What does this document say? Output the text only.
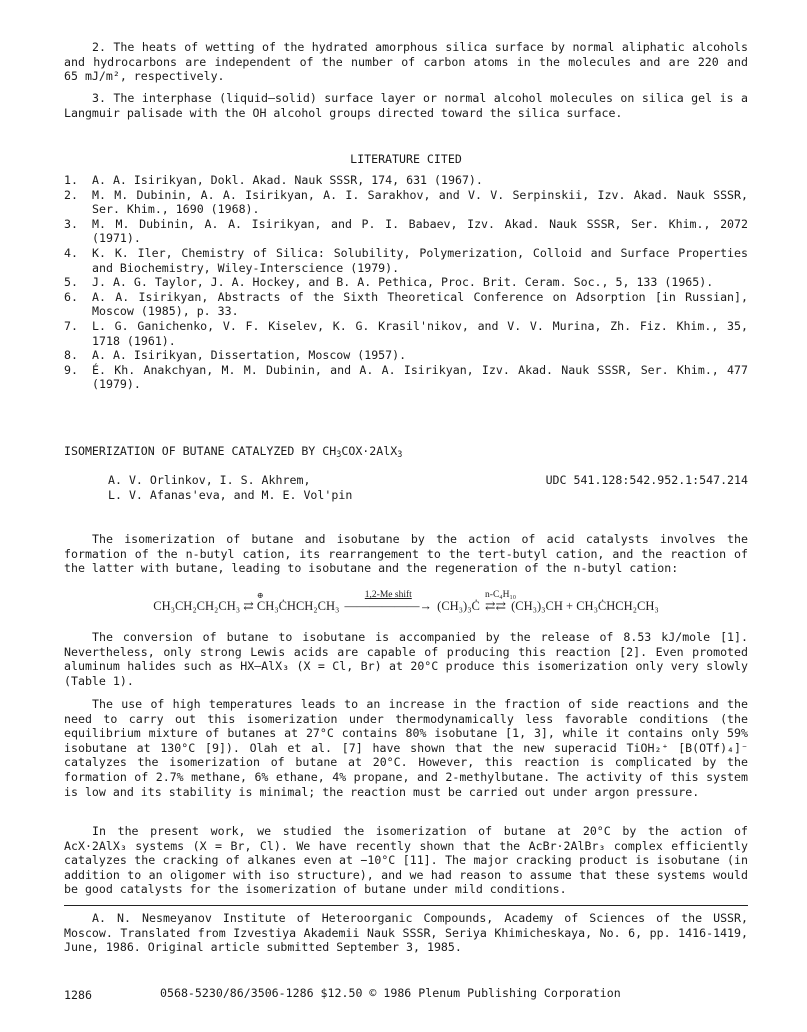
2. The heats of wetting of the hydrated amorphous silica surface by normal aliphatic alcohols and hydrocarbons are independent of the number of carbon atoms in the molecules and are 220 and 65 mJ/m², respectively.

3. The interphase (liquid—solid) surface layer or normal alcohol molecules on silica gel is a Langmuir palisade with the OH alcohol groups directed toward the silica surface.

LITERATURE CITED

1.	A. A. Isirikyan, Dokl. Akad. Nauk SSSR, 174, 631 (1967).
2.	M. M. Dubinin, A. A. Isirikyan, A. I. Sarakhov, and V. V. Serpinskii, Izv. Akad. Nauk SSSR, Ser. Khim., 1690 (1968).
3.	M. M. Dubinin, A. A. Isirikyan, and P. I. Babaev, Izv. Akad. Nauk SSSR, Ser. Khim., 2072 (1971).
4.	K. K. Iler, Chemistry of Silica: Solubility, Polymerization, Colloid and Surface Properties and Biochemistry, Wiley-Interscience (1979).
5.	J. A. G. Taylor, J. A. Hockey, and B. A. Pethica, Proc. Brit. Ceram. Soc., 5, 133 (1965).
6.	A. A. Isirikyan, Abstracts of the Sixth Theoretical Conference on Adsorption [in Russian], Moscow (1985), p. 33.
7.	L. G. Ganichenko, V. F. Kiselev, K. G. Krasil'nikov, and V. V. Murina, Zh. Fiz. Khim., 35, 1718 (1961).
8.	A. A. Isirikyan, Dissertation, Moscow (1957).
9.	É. Kh. Anakchyan, M. M. Dubinin, and A. A. Isirikyan, Izv. Akad. Nauk SSSR, Ser. Khim., 477 (1979).

ISOMERIZATION OF BUTANE CATALYZED BY $CH_3COX\cdot 2AlX_3$

A. V. Orlinkov, I. S. Akhrem,

L. V. Afanas'eva, and M. E. Vol'pin

UDC 541.128:542.952.1:547.214

The isomerization of butane and isobutane by the action of acid catalysts involves the formation of the n-butyl cation, its rearrangement to the tert-butyl cation, and the reaction of the latter with butane, leading to isobutane and the regeneration of the n-butyl cation:

CH₃CH₂CH₂CH₃ ⇄
⊕
CH₃ĊHCH₂CH₃
1,2-Me shift
——————→ (CH₃)₃Ċ
n-C₄H₁₀
⇄⇄ (CH₃)₃CH + CH₃ĊHCH₂CH₃

The conversion of butane to isobutane is accompanied by the release of 8.53 kJ/mole [1]. Nevertheless, only strong Lewis acids are capable of producing this reaction [2]. Even promoted aluminum halides such as HX—AlX₃ (X = Cl, Br) at 20°C produce this isomerization only very slowly (Table 1).

The use of high temperatures leads to an increase in the fraction of side reactions and the need to carry out this isomerization under thermodynamically less favorable conditions (the equilibrium mixture of butanes at 27°C contains 80% isobutane [1, 3], while it contains only 59% isobutane at 130°C [9]). Olah et al. [7] have shown that the new superacid TiOH₂⁺ [B(OTf)₄]⁻ catalyzes the isomerization of butane at 20°C. However, this reaction is complicated by the formation of 2.7% methane, 6% ethane, 4% propane, and 2-methylbutane. The activity of this system is low and its stability is minimal; the reaction must be carried out under argon pressure.

In the present work, we studied the isomerization of butane at 20°C by the action of AcX·2AlX₃ systems (X = Br, Cl). We have recently shown that the AcBr·2AlBr₃ complex efficiently catalyzes the cracking of alkanes even at −10°C [11]. The major cracking product is isobutane (in addition to an oligomer with iso structure), and we had reason to assume that these systems would be good catalysts for the isomerization of butane under mild conditions.

A. N. Nesmeyanov Institute of Heteroorganic Compounds, Academy of Sciences of the USSR, Moscow. Translated from Izvestiya Akademii Nauk SSSR, Seriya Khimicheskaya, No. 6, pp. 1416-1419, June, 1986. Original article submitted September 3, 1985.

1286	0568-5230/86/3506-1286 $12.50 © 1986 Plenum Publishing Corporation
